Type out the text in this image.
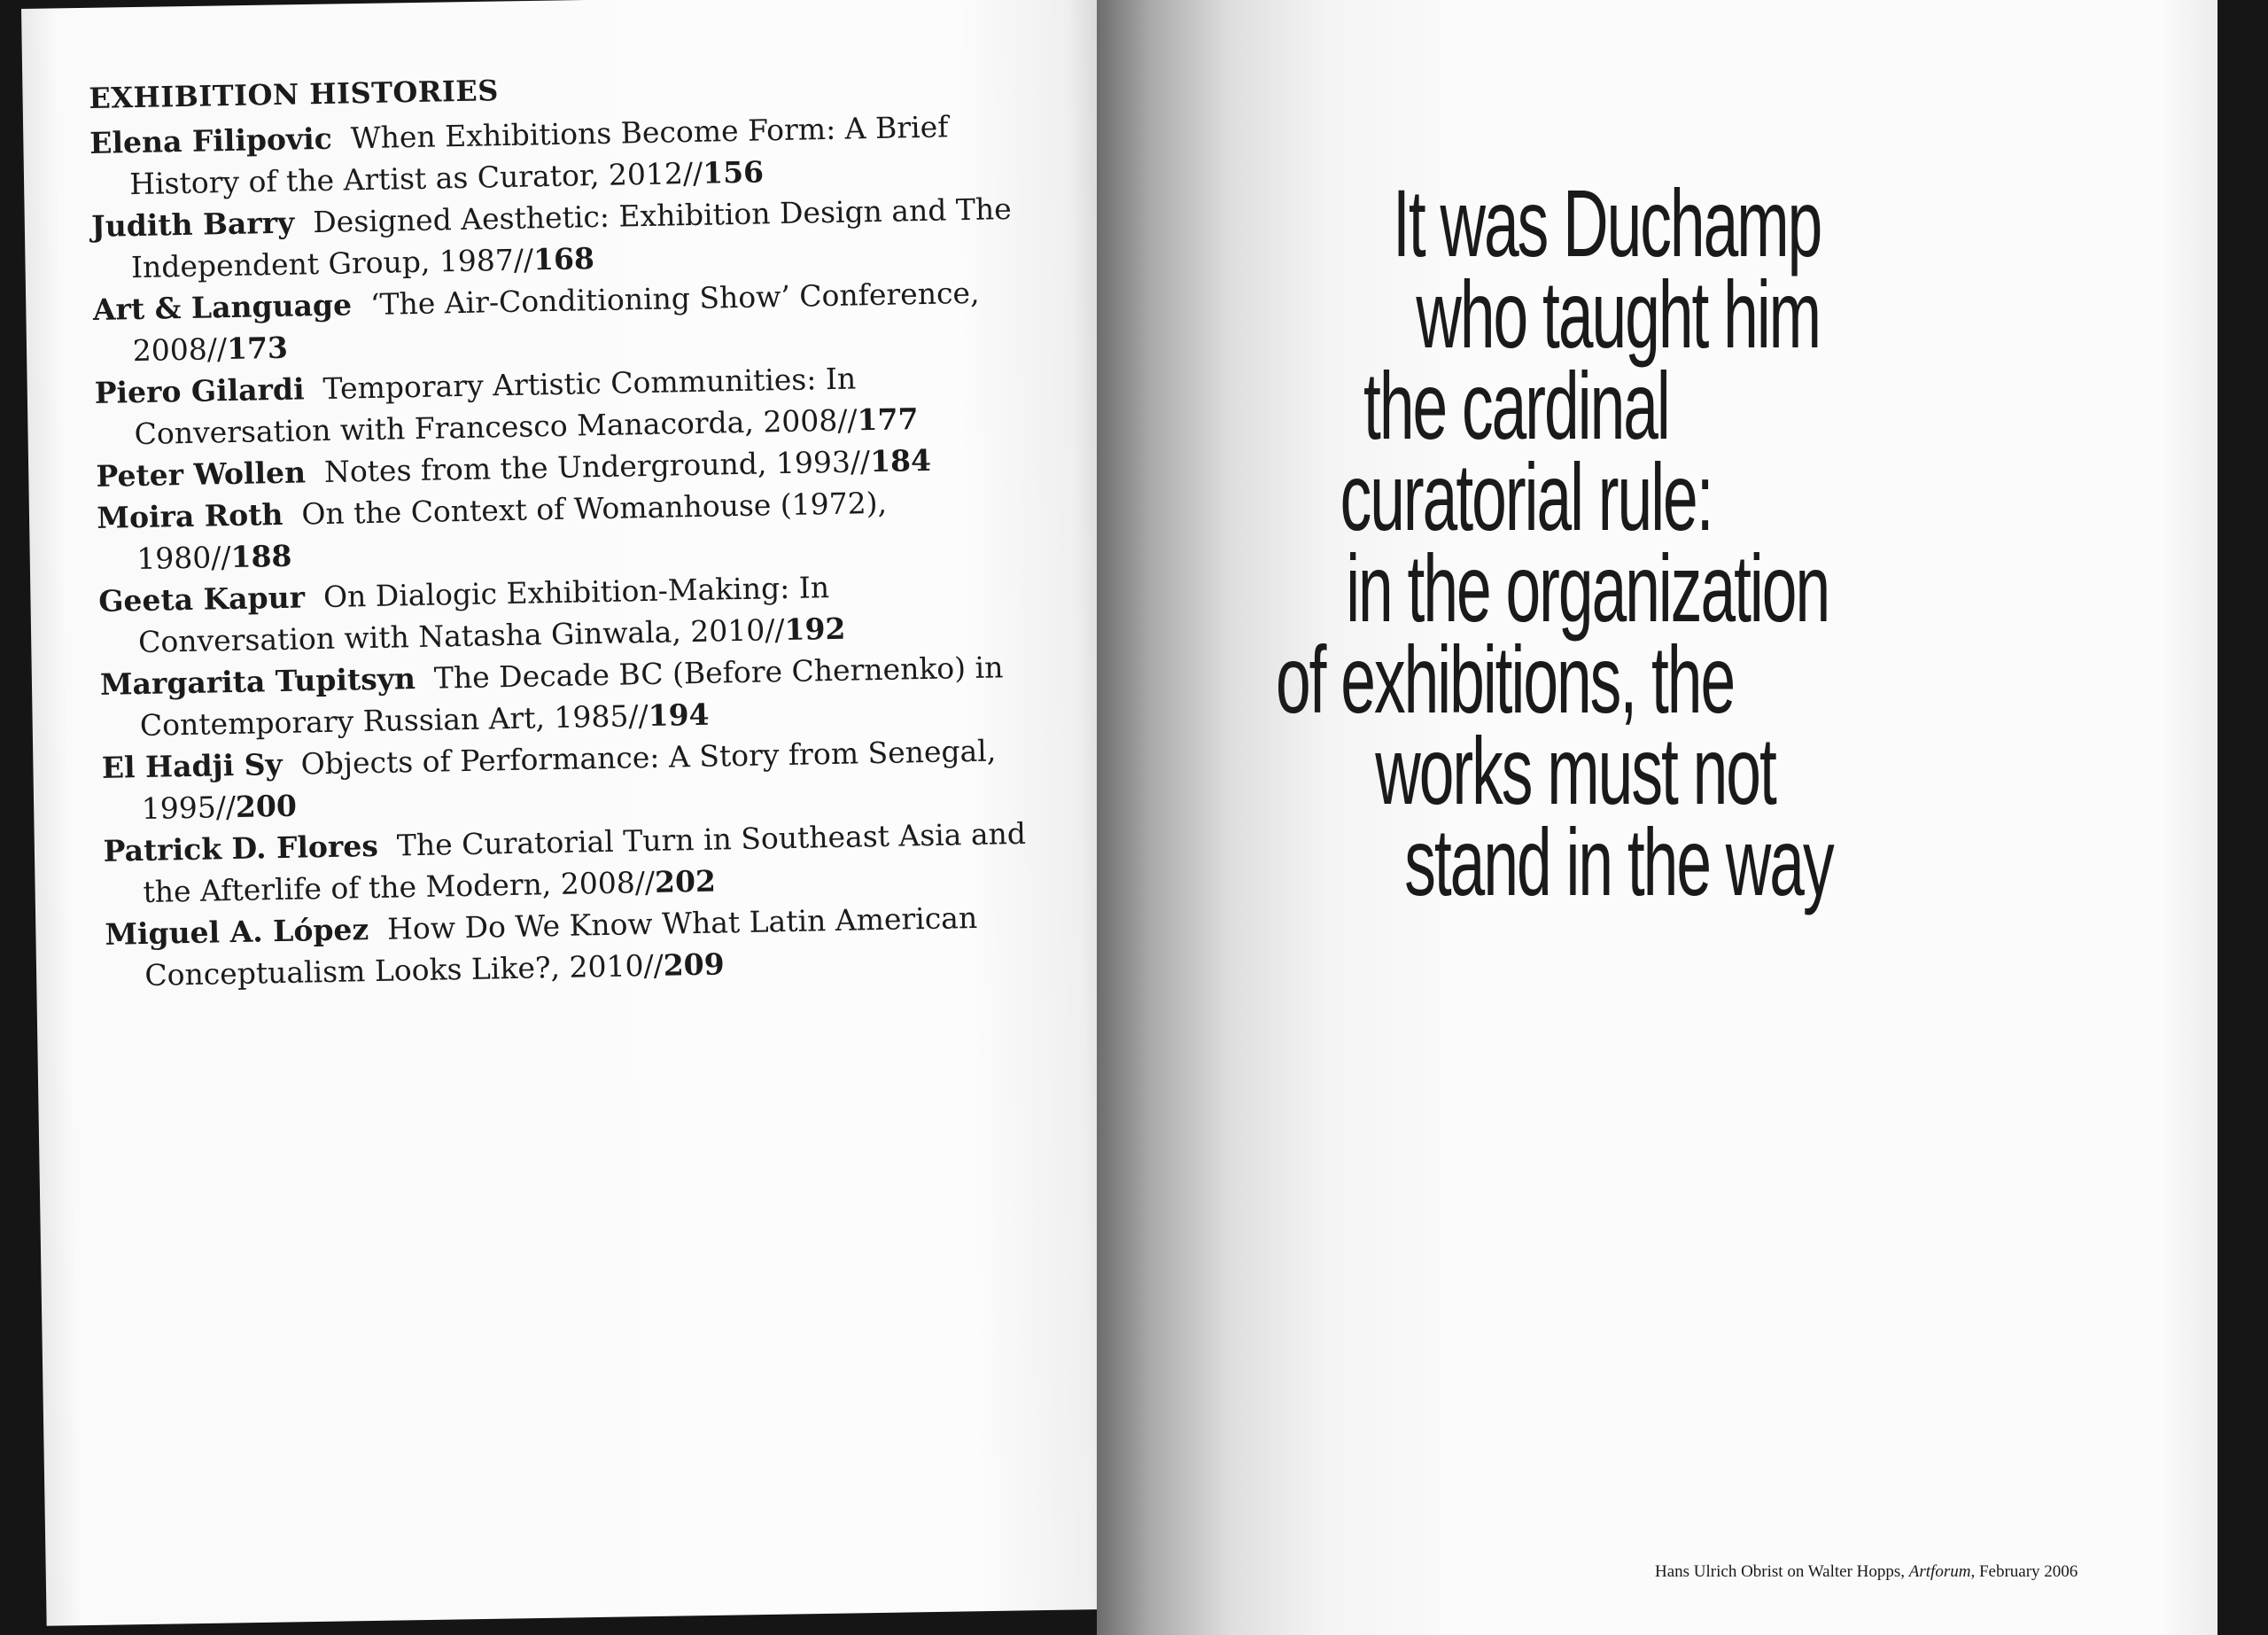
EXHIBITION HISTORIES
Elena Filipovic When Exhibitions Become Form: A Brief History of the Artist as Curator, 2012//156
Judith Barry Designed Aesthetic: Exhibition Design and The Independent Group, 1987//168
Art & Language ‘The Air-Conditioning Show’ Conference, 2008//173
Piero Gilardi Temporary Artistic Communities: In Conversation with Francesco Manacorda, 2008//177
Peter Wollen Notes from the Underground, 1993//184
Moira Roth On the Context of Womanhouse (1972), 1980//188
Geeta Kapur On Dialogic Exhibition-Making: In Conversation with Natasha Ginwala, 2010//192
Margarita Tupitsyn The Decade BC (Before Chernenko) in Contemporary Russian Art, 1985//194
El Hadji Sy Objects of Performance: A Story from Senegal, 1995//200
Patrick D. Flores The Curatorial Turn in Southeast Asia and the Afterlife of the Modern, 2008//202
Miguel A. López How Do We Know What Latin American Conceptualism Looks Like?, 2010//209
It was Duchamp
who taught him
the cardinal
curatorial rule:
in the organization
of exhibitions, the
works must not
stand in the way
Hans Ulrich Obrist on Walter Hopps, Artforum, February 2006
